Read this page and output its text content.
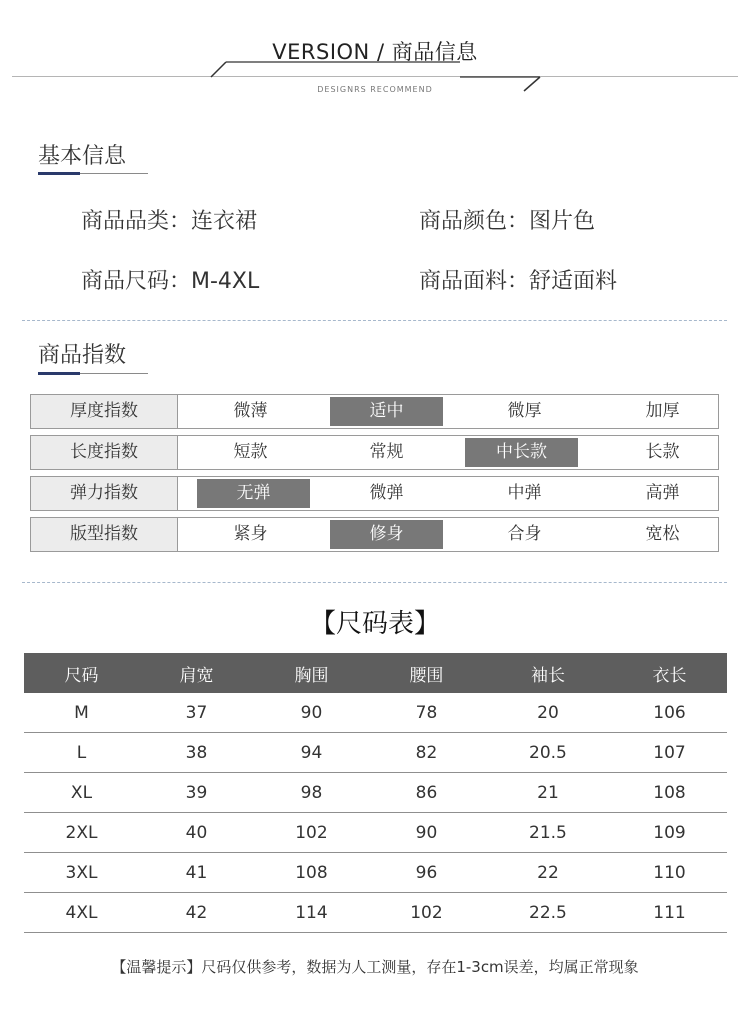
VERSION / 商品信息
DESIGNRS RECOMMEND
基本信息
商品品类：连衣裙	商品颜色：图片色
商品尺码：M-4XL	商品面料：舒适面料
商品指数
厚度指数	微薄	适中	微厚	加厚
长度指数	短款	常规	中长款	长款
弹力指数	无弹	微弹	中弹	高弹
版型指数	紧身	修身	合身	宽松
【尺码表】
尺码	肩宽	胸围	腰围	袖长	衣长
M	37	90	78	20	106
L	38	94	82	20.5	107
XL	39	98	86	21	108
2XL	40	102	90	21.5	109
3XL	41	108	96	22	110
4XL	42	114	102	22.5	111
【温馨提示】尺码仅供参考，数据为人工测量，存在1-3cm误差，均属正常现象
